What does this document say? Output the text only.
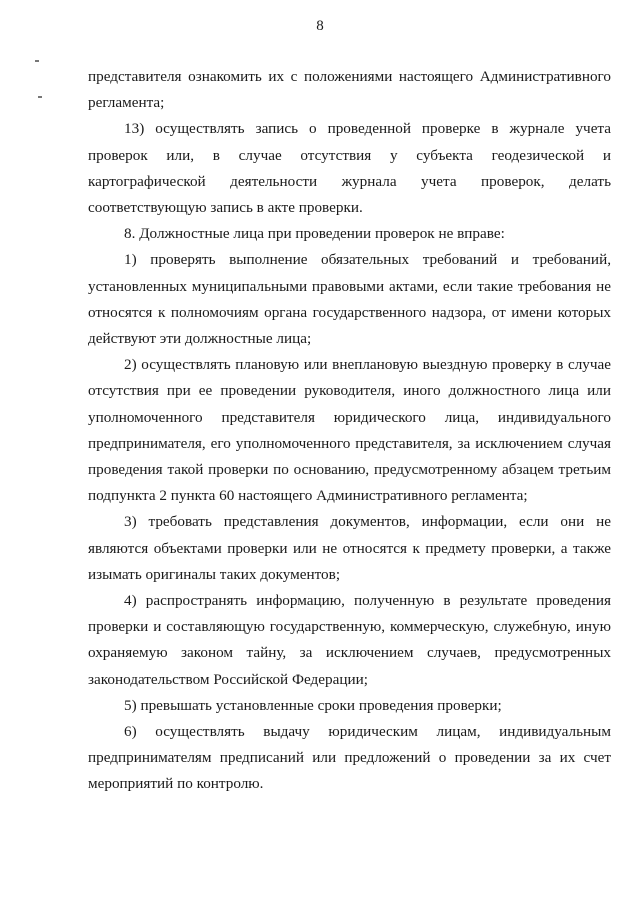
8

представителя ознакомить их с положениями настоящего Административного регламента;

13) осуществлять запись о проведенной проверке в журнале учета проверок или, в случае отсутствия у субъекта геодезической и картографической деятельности журнала учета проверок, делать соответствующую запись в акте проверки.

8. Должностные лица при проведении проверок не вправе:

1) проверять выполнение обязательных требований и требований, установленных муниципальными правовыми актами, если такие требования не относятся к полномочиям органа государственного надзора, от имени которых действуют эти должностные лица;

2) осуществлять плановую или внеплановую выездную проверку в случае отсутствия при ее проведении руководителя, иного должностного лица или уполномоченного представителя юридического лица, индивидуального предпринимателя, его уполномоченного представителя, за исключением случая проведения такой проверки по основанию, предусмотренному абзацем третьим подпункта 2 пункта 60 настоящего Административного регламента;

3) требовать представления документов, информации, если они не являются объектами проверки или не относятся к предмету проверки, а также изымать оригиналы таких документов;

4) распространять информацию, полученную в результате проведения проверки и составляющую государственную, коммерческую, служебную, иную охраняемую законом тайну, за исключением случаев, предусмотренных законодательством Российской Федерации;

5) превышать установленные сроки проведения проверки;

6) осуществлять выдачу юридическим лицам, индивидуальным предпринимателям предписаний или предложений о проведении за их счет мероприятий по контролю.
